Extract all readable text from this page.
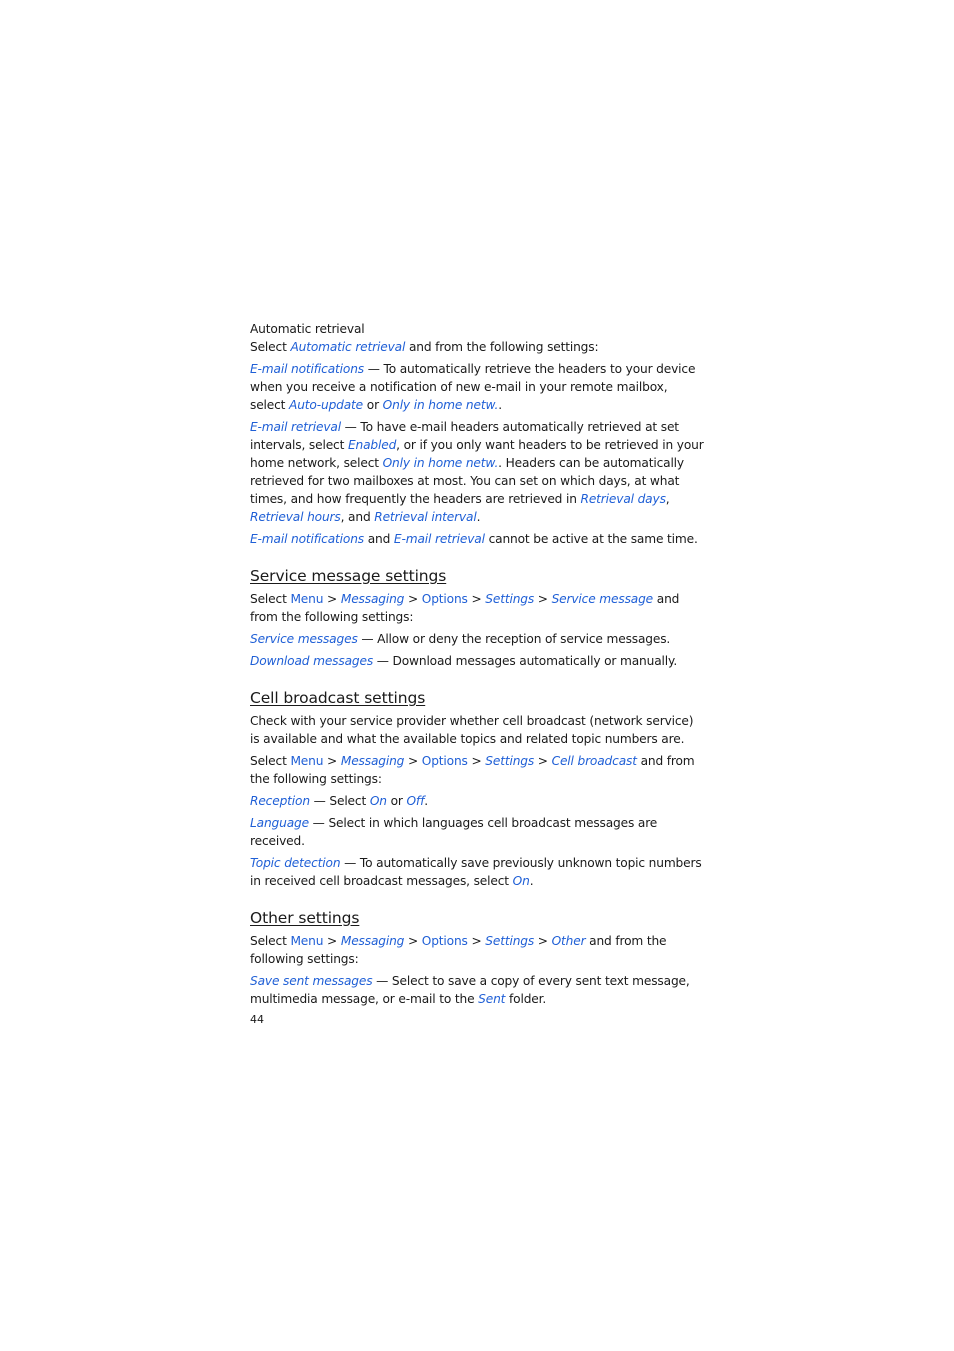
Automatic retrieval

Select Automatic retrieval and from the following settings:

E-mail notifications — To automatically retrieve the headers to your device when you receive a notification of new e-mail in your remote mailbox, select Auto-update or Only in home netw..

E-mail retrieval — To have e-mail headers automatically retrieved at set intervals, select Enabled, or if you only want headers to be retrieved in your home network, select Only in home netw.. Headers can be automatically retrieved for two mailboxes at most. You can set on which days, at what times, and how frequently the headers are retrieved in Retrieval days, Retrieval hours, and Retrieval interval.

E-mail notifications and E-mail retrieval cannot be active at the same time.

Service message settings

Select Menu > Messaging > Options > Settings > Service message and from the following settings:

Service messages — Allow or deny the reception of service messages.

Download messages — Download messages automatically or manually.

Cell broadcast settings

Check with your service provider whether cell broadcast (network service) is available and what the available topics and related topic numbers are.

Select Menu > Messaging > Options > Settings > Cell broadcast and from the following settings:

Reception — Select On or Off.

Language — Select in which languages cell broadcast messages are received.

Topic detection — To automatically save previously unknown topic numbers in received cell broadcast messages, select On.

Other settings

Select Menu > Messaging > Options > Settings > Other and from the following settings:

Save sent messages — Select to save a copy of every sent text message, multimedia message, or e-mail to the Sent folder.

44
